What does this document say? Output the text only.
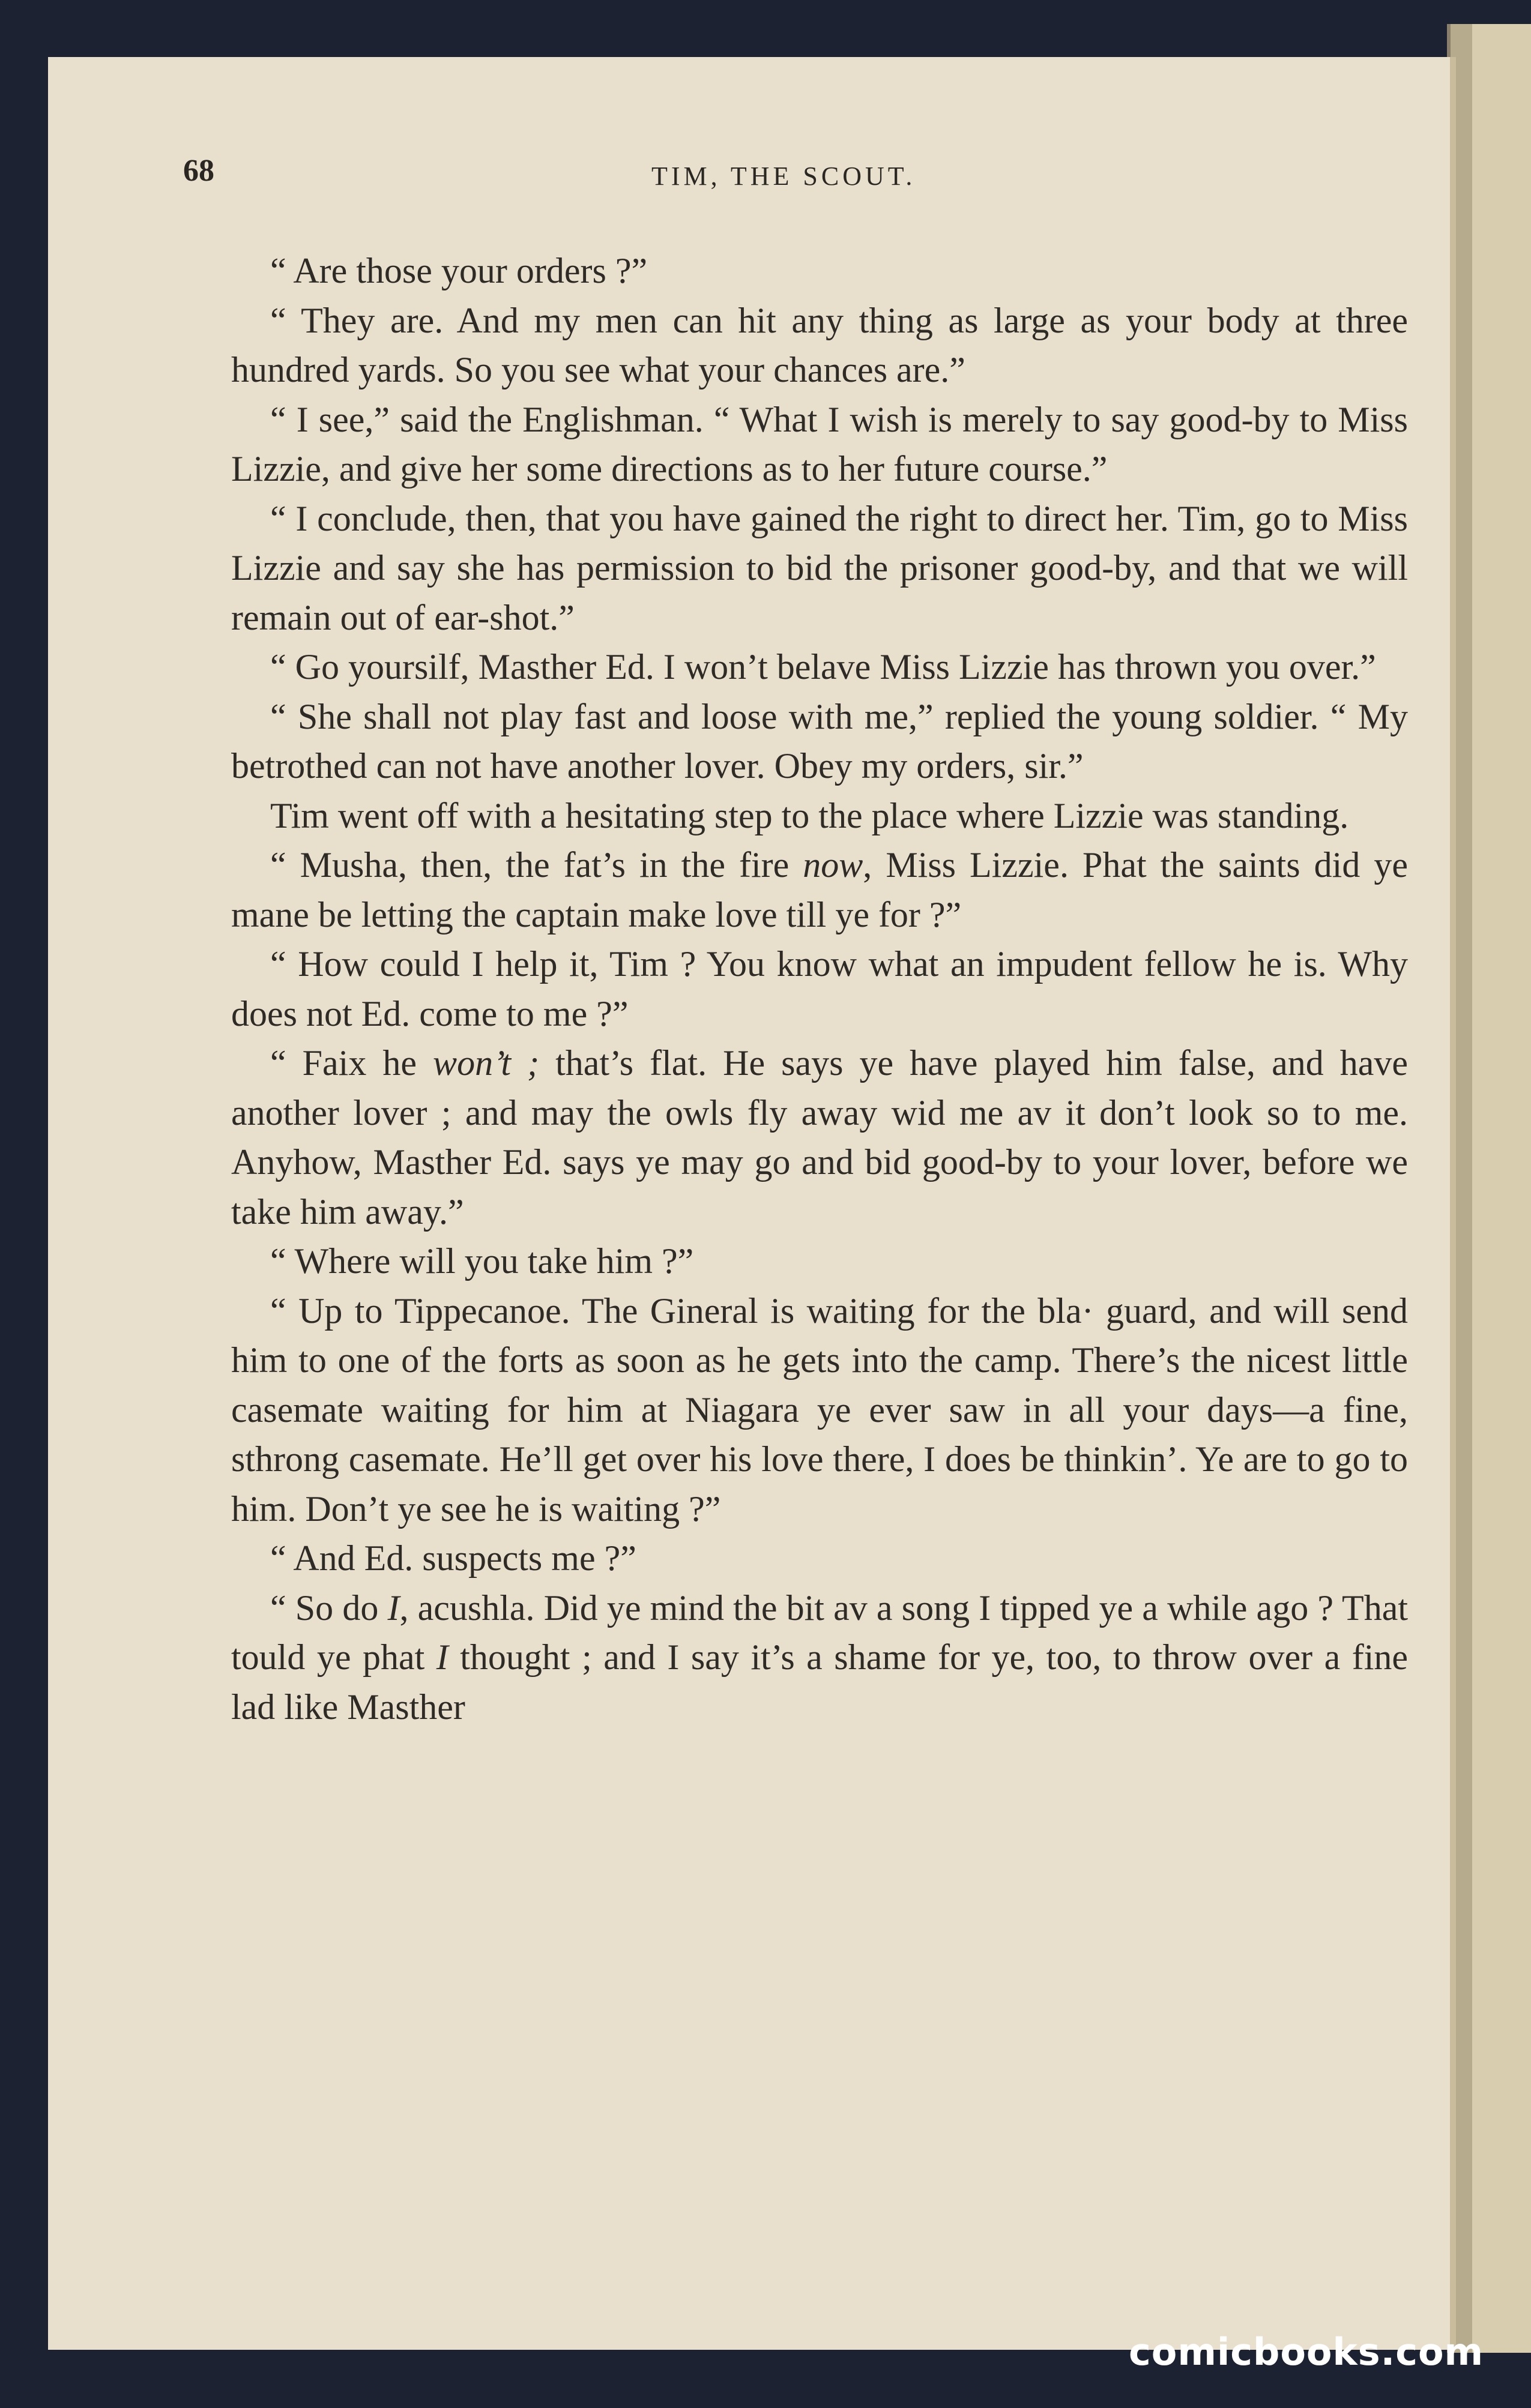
68	TIM, THE SCOUT.

“ Are those your orders ?”

“ They are. And my men can hit any thing as large as your body at three hundred yards. So you see what your chances are.”

“ I see,” said the Englishman. “ What I wish is merely to say good-by to Miss Lizzie, and give her some directions as to her future course.”

“ I conclude, then, that you have gained the right to direct her. Tim, go to Miss Lizzie and say she has permission to bid the prisoner good-by, and that we will remain out of ear-shot.”

“ Go yoursilf, Masther Ed. I won’t belave Miss Lizzie has thrown you over.”

“ She shall not play fast and loose with me,” replied the young soldier. “ My betrothed can not have another lover. Obey my orders, sir.”

Tim went off with a hesitating step to the place where Lizzie was standing.

“ Musha, then, the fat’s in the fire now, Miss Lizzie. Phat the saints did ye mane be letting the captain make love till ye for ?”

“ How could I help it, Tim ? You know what an impudent fellow he is. Why does not Ed. come to me ?”

“ Faix he won’t ; that’s flat. He says ye have played him false, and have another lover ; and may the owls fly away wid me av it don’t look so to me. Anyhow, Masther Ed. says ye may go and bid good-by to your lover, before we take him away.”

“ Where will you take him ?”

“ Up to Tippecanoe. The Gineral is waiting for the bla· guard, and will send him to one of the forts as soon as he gets into the camp. There’s the nicest little casemate waiting for him at Niagara ye ever saw in all your days—a fine, sthrong casemate. He’ll get over his love there, I does be thinkin’. Ye are to go to him. Don’t ye see he is waiting ?”

“ And Ed. suspects me ?”

“ So do I, acushla. Did ye mind the bit av a song I tipped ye a while ago ? That tould ye phat I thought ; and I say it’s a shame for ye, too, to throw over a fine lad like Masther

comicbooks.com
